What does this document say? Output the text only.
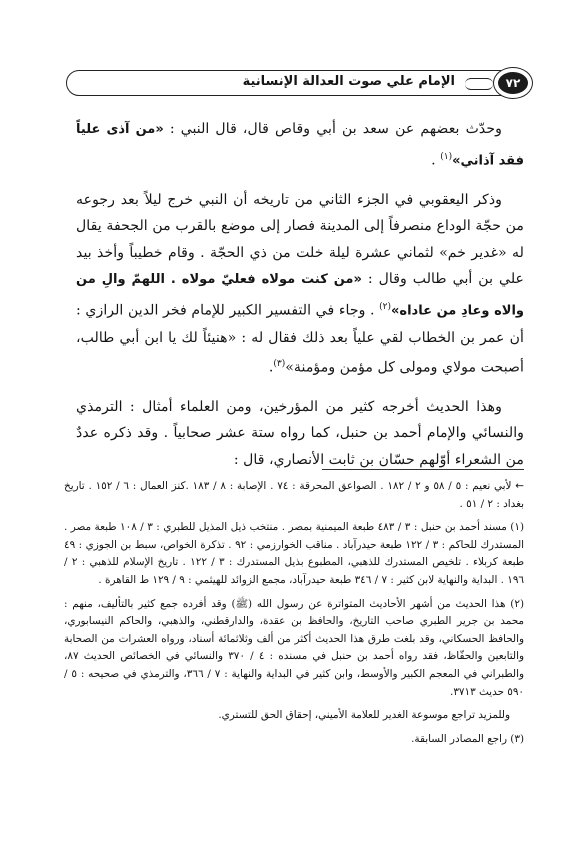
٧٢
الإمام علي صوت العدالة الإنسانية

وحدّث بعضهم عن سعد بن أبي وقاص قال، قال النبي : «من آذى علياً فقد آذاني»$^{(١)}$ .

وذكر اليعقوبي في الجزء الثاني من تاريخه أن النبي خرج ليلاً بعد رجوعه من حجّة الوداع منصرفاً إلى المدينة فصار إلى موضع بالقرب من الجحفة يقال له «غدير خم» لثماني عشرة ليلة خلت من ذي الحجّة . وقام خطيباً وأخذ بيد علي بن أبي طالب وقال : «من كنت مولاه فعليّ مولاه . اللهمّ والِ من والاه وعادِ من عاداه»$^{(٢)}$ . وجاء في التفسير الكبير للإمام فخر الدين الرازي : أن عمر بن الخطاب لقي علياً بعد ذلك فقال له : «هنيئاً لك يا ابن أبي طالب، أصبحت مولاي ومولى كل مؤمن ومؤمنة»$^{(٣)}$.

وهذا الحديث أخرجه كثير من المؤرخين، ومن العلماء أمثال : الترمذي والنسائي والإمام أحمد بن حنبل، كما رواه ستة عشر صحابياً . وقد ذكره عددٌ من الشعراء أوّلهم حسّان بن ثابت الأنصاري، قال :

← لأبي نعيم : ٥ / ٥٨ و ٢ / ١٨٢ . الصواعق المحرقة : ٧٤ . الإصابة : ٨ / ١٨٣ .كنز العمال : ٦ / ١٥٢ . تاريخ بغداد : ٢ / ٥١ .

(١) مسند أحمد بن حنبل : ٣ / ٤٨٣ طبعة الميمنية بمصر . منتخب ذيل المذيل للطبري : ٣ / ١٠٨ طبعة مصر . المستدرك للحاكم : ٣ / ١٢٢ طبعة حيدرآباد . مناقب الخوارزمي : ٩٢ . تذكرة الخواص، سبط بن الجوزي : ٤٩ طبعة كربلاء . تلخيص المستدرك للذهبي، المطبوع بذيل المستدرك : ٣ / ١٢٢ . تاريخ الإسلام للذهبي : ٢ / ١٩٦ . البداية والنهاية لابن كثير : ٧ / ٣٤٦ طبعة حيدرآباد، مجمع الزوائد للهيثمي : ٩ / ١٢٩ ط القاهرة .

(٢) هذا الحديث من أشهر الأحاديث المتواترة عن رسول الله (ﷺ) وقد أفرده جمع كثير بالتأليف، منهم : محمد بن جرير الطبري صاحب التاريخ، والحافظ بن عقدة، والدارقطني، والذهبي، والحاكم النيسابوري، والحافظ الحسكاني، وقد بلغت طرق هذا الحديث أكثر من ألف وثلاثمائة أسناد، ورواه العشرات من الصحابة والتابعين والحفّاظ، فقد رواه أحمد بن حنبل في مسنده : ٤ / ٣٧٠ والنسائي في الخصائص الحديث ٨٧، والطبراني في المعجم الكبير والأوسط، وابن كثير في البداية والنهاية : ٧ / ٣٦٦، والترمذي في صحيحه : ٥ / ٥٩٠ حديث ٣٧١٣.

وللمزيد تراجع موسوعة الغدير للعلامة الأميني، إحقاق الحق للتستري.

(٣) راجع المصادر السابقة.
